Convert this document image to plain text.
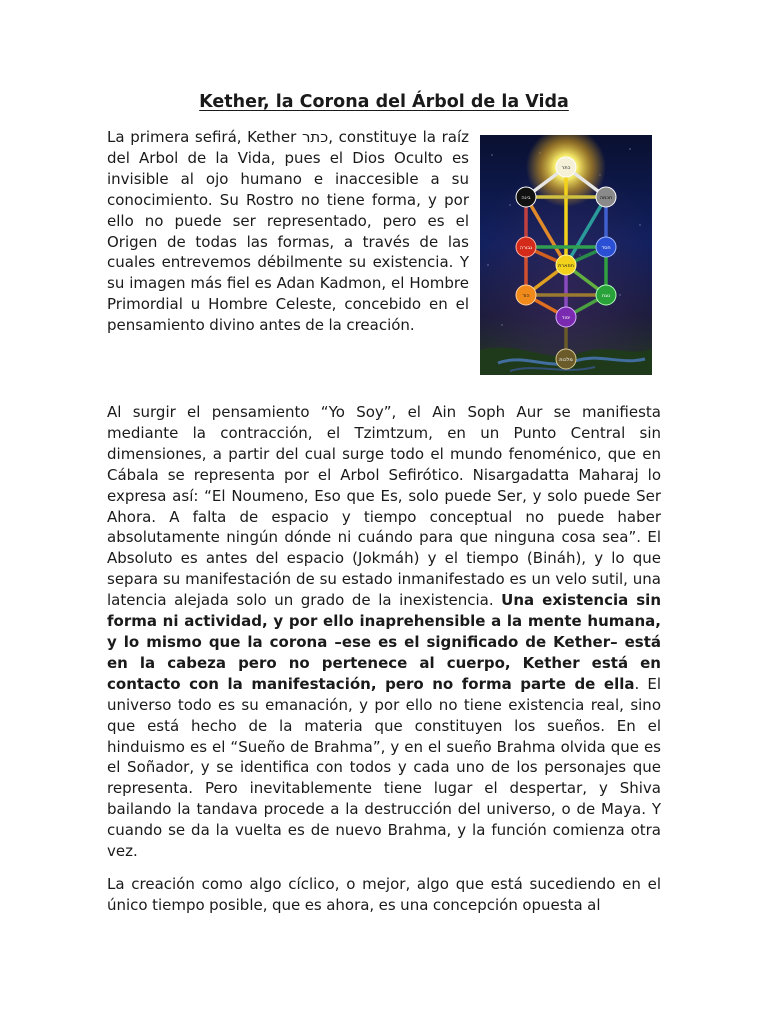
Kether, la Corona del Árbol de la Vida

La primera sefirá, Kether כתר, constituye la raíz del Arbol de la Vida, pues el Dios Oculto es invisible al ojo humano e inaccesible a su conocimiento. Su Rostro no tiene forma, y por ello no puede ser representado, pero es el Origen de todas las formas, a través de las cuales entrevemos débilmente su existencia. Y su imagen más fiel es Adan Kadmon, el Hombre Primordial u Hombre Celeste, concebido en el pensamiento divino antes de la creación.

כתר
בינה	חכמה
גבורה	חסד
תפארת
הוד	נצח
יסוד
מלכות

Al surgir el pensamiento “Yo Soy”, el Ain Soph Aur se manifiesta mediante la contracción, el Tzimtzum, en un Punto Central sin dimensiones, a partir del cual surge todo el mundo fenoménico, que en Cábala se representa por el Arbol Sefirótico. Nisargadatta Maharaj lo expresa así: “El Noumeno, Eso que Es, solo puede Ser, y solo puede Ser Ahora. A falta de espacio y tiempo conceptual no puede haber absolutamente ningún dónde ni cuándo para que ninguna cosa sea”. El Absoluto es antes del espacio (Jokmáh) y el tiempo (Bináh), y lo que separa su manifestación de su estado inmanifestado es un velo sutil, una latencia alejada solo un grado de la inexistencia. Una existencia sin forma ni actividad, y por ello inaprehensible a la mente humana, y lo mismo que la corona –ese es el significado de Kether– está en la cabeza pero no pertenece al cuerpo, Kether está en contacto con la manifestación, pero no forma parte de ella. El universo todo es su emanación, y por ello no tiene existencia real, sino que está hecho de la materia que constituyen los sueños. En el hinduismo es el “Sueño de Brahma”, y en el sueño Brahma olvida que es el Soñador, y se identifica con todos y cada uno de los personajes que representa. Pero inevitablemente tiene lugar el despertar, y Shiva bailando la tandava procede a la destrucción del universo, o de Maya. Y cuando se da la vuelta es de nuevo Brahma, y la función comienza otra vez.

La creación como algo cíclico, o mejor, algo que está sucediendo en el único tiempo posible, que es ahora, es una concepción opuesta al
